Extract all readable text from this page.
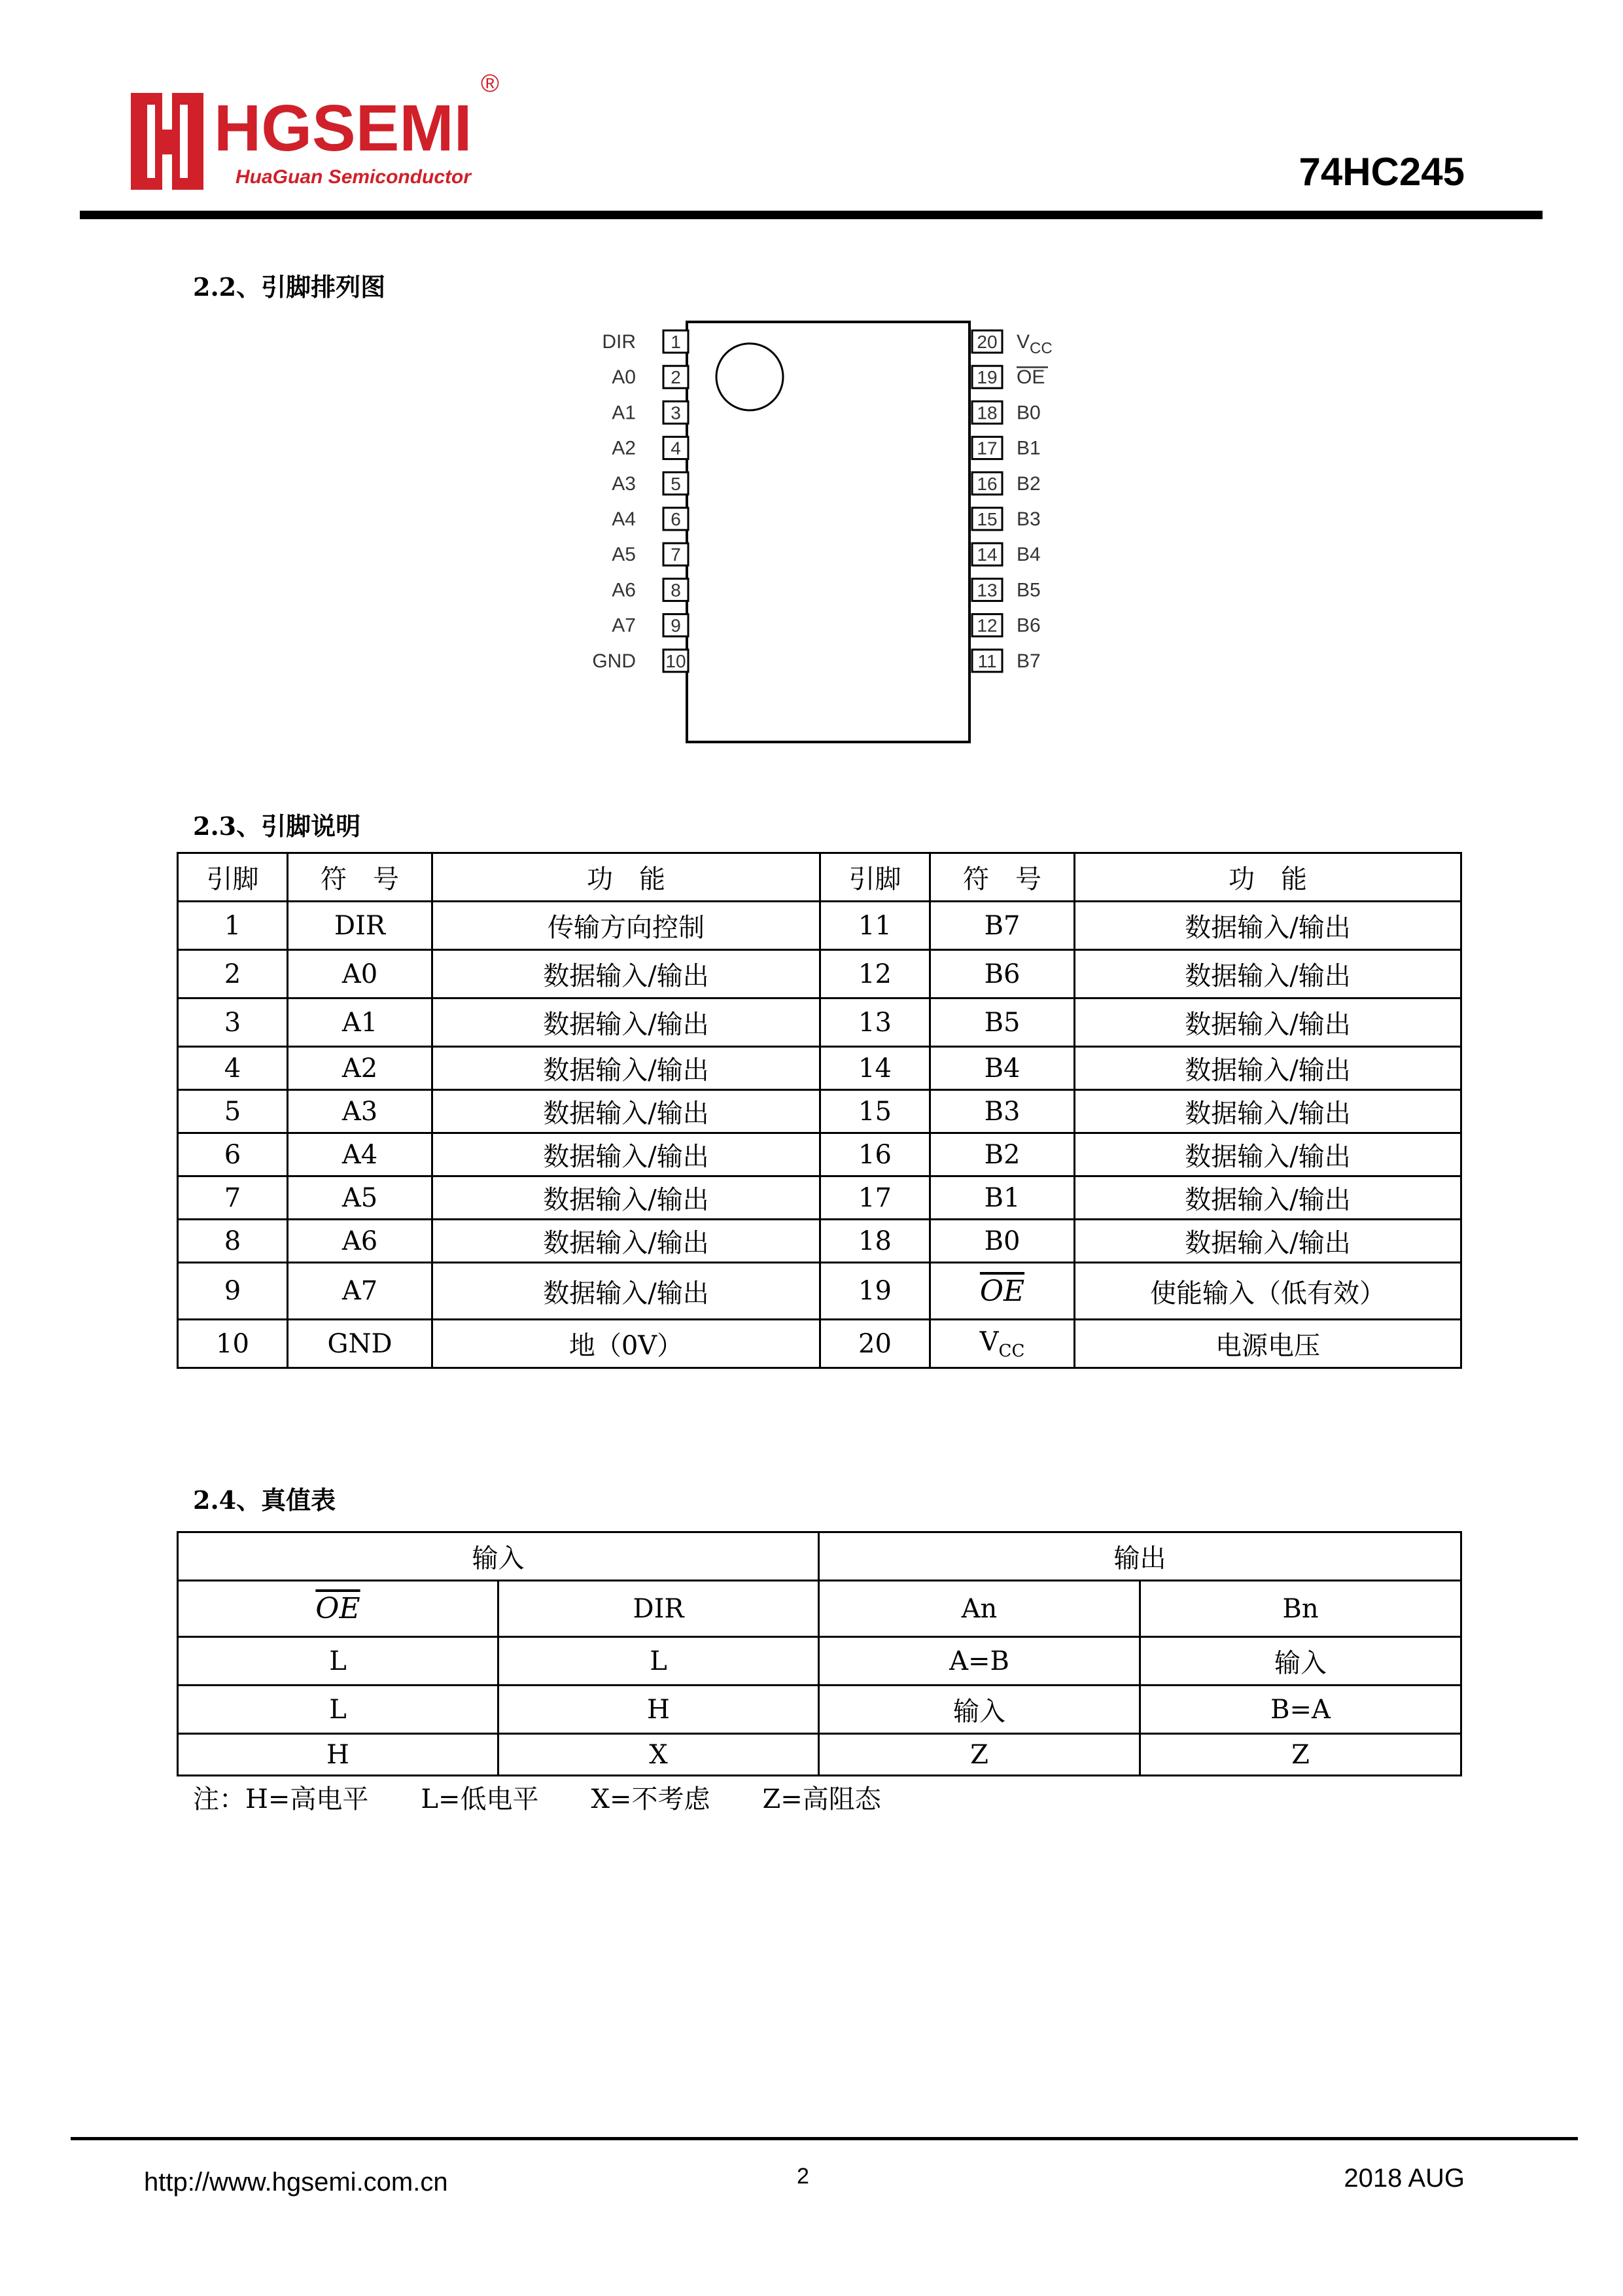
HGSEMI
®
HuaGuan Semiconductor	74HC245
2.2、引脚排列图
1
DIR
2
A0
3
A1
4
A2
5
A3
6
A4
7
A5
8
A6
9
A7
10
GND
20 $V_{CC}$
19 OE
18 B0
17 B1
16 B2
15 B3
14 B4
13 B5
12 B6
11 B7
2.3、引脚说明
引脚	符　号	功　能	引脚	符　号	功　能
1	DIR	传输方向控制	11	B7	数据输入/输出
2	A0	数据输入/输出	12	B6	数据输入/输出
3	A1	数据输入/输出	13	B5	数据输入/输出
4	A2	数据输入/输出	14	B4	数据输入/输出
5	A3	数据输入/输出	15	B3	数据输入/输出
6	A4	数据输入/输出	16	B2	数据输入/输出
7	A5	数据输入/输出	17	B1	数据输入/输出
8	A6	数据输入/输出	18	B0	数据输入/输出
9	A7	数据输入/输出	19	$\overline{OE}$	使能输入（低有效）
10	GND	地（0V）	20	$V_{CC}$	电源电压
2.4、真值表
输入		输出	
$\overline{OE}$	DIR	An	Bn
L	L	A=B	输入
L	H	输入	B=A
H	X	Z	Z
注：H=高电平　　L=低电平　　X=不考虑　　Z=高阻态
http://www.hgsemi.com.cn	2	2018 AUG
